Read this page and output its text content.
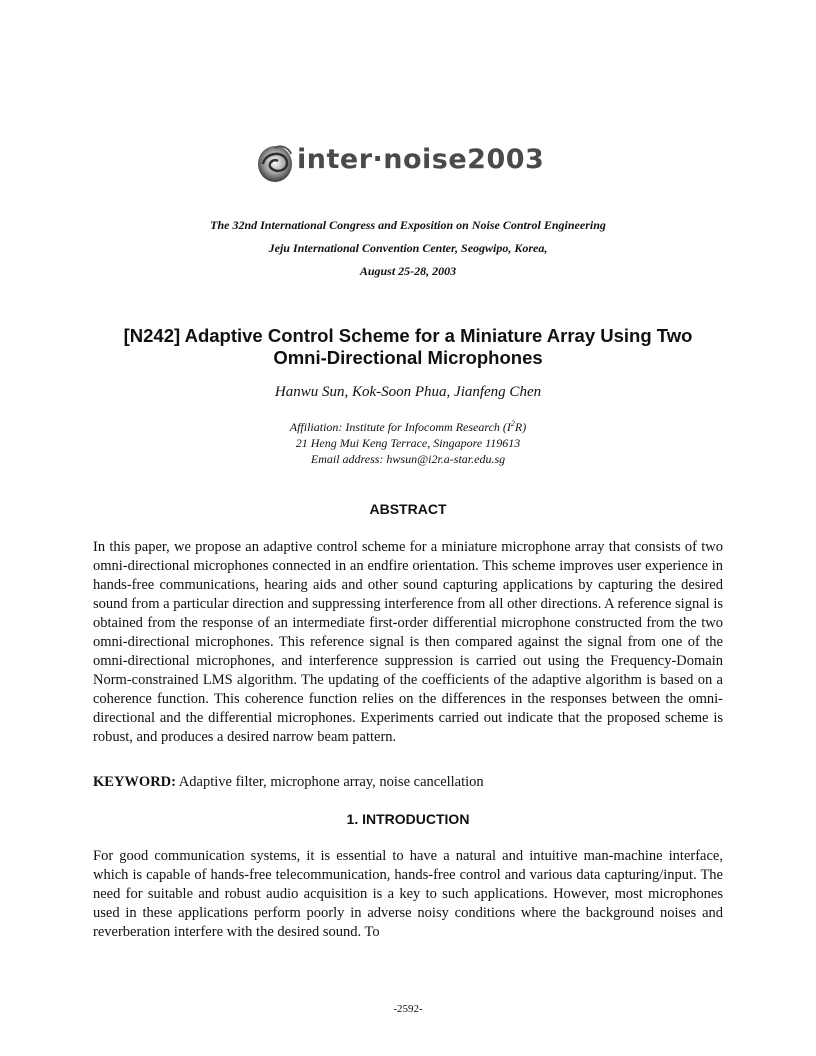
inter·noise2003
The 32nd International Congress and Exposition on Noise Control Engineering
Jeju International Convention Center, Seogwipo, Korea,
August 25-28, 2003
[N242] Adaptive Control Scheme for a Miniature Array Using Two
Omni-Directional Microphones
Hanwu Sun, Kok-Soon Phua, Jianfeng Chen
Affiliation: Institute for Infocomm Research $(I^2R)$
21 Heng Mui Keng Terrace, Singapore 119613
Email address: hwsun@i2r.a-star.edu.sg
ABSTRACT
In this paper, we propose an adaptive control scheme for a miniature microphone array that consists of two omni-directional microphones connected in an endfire orientation. This scheme improves user experience in hands-free communications, hearing aids and other sound capturing applications by capturing the desired sound from a particular direction and suppressing interference from all other directions. A reference signal is obtained from the response of an intermediate first-order differential microphone constructed from the two omni-directional microphones. This reference signal is then compared against the signal from one of the omni-directional microphones, and interference suppression is carried out using the Frequency-Domain Norm-constrained LMS algorithm. The updating of the coefficients of the adaptive algorithm is based on a coherence function. This coherence function relies on the differences in the responses between the omni-directional and the differential microphones. Experiments carried out indicate that the proposed scheme is robust, and produces a desired narrow beam pattern.
KEYWORD: Adaptive filter, microphone array, noise cancellation
1. INTRODUCTION
For good communication systems, it is essential to have a natural and intuitive man-machine interface, which is capable of hands-free telecommunication, hands-free control and various data capturing/input. The need for suitable and robust audio acquisition is a key to such applications. However, most microphones used in these applications perform poorly in adverse noisy conditions where the background noises and reverberation interfere with the desired sound. To
-2592-
